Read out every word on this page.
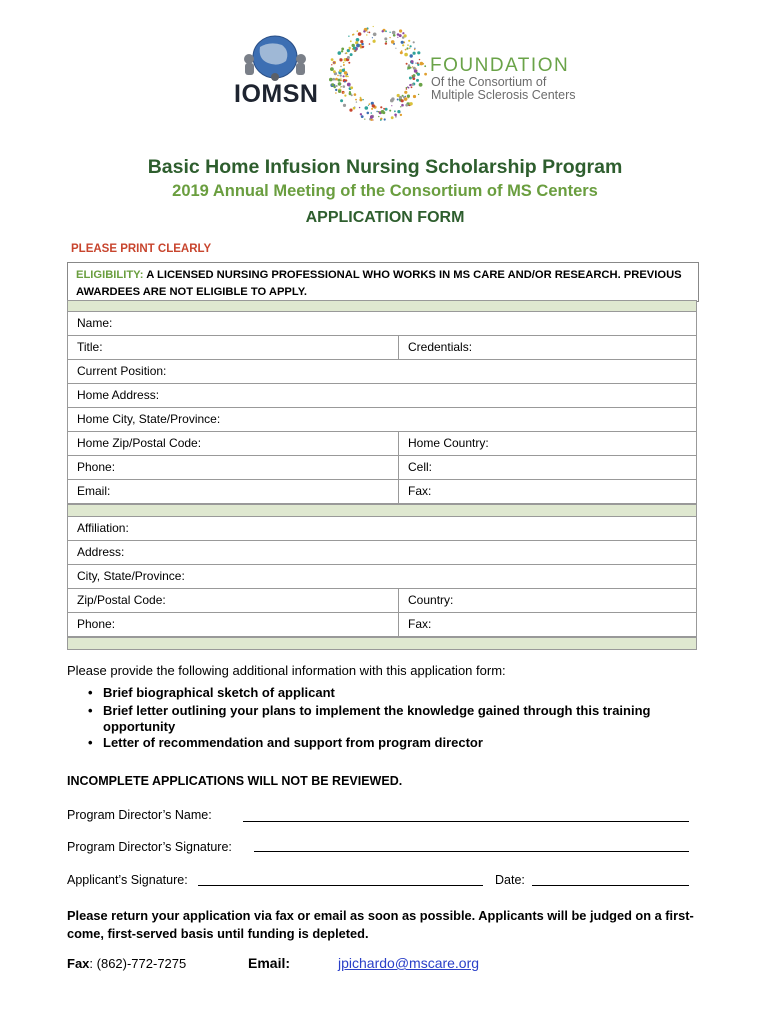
IOMSN
FOUNDATION
Of the Consortium of
Multiple Sclerosis Centers
Basic Home Infusion Nursing Scholarship Program
2019 Annual Meeting of the Consortium of MS Centers
APPLICATION FORM
PLEASE PRINT CLEARLY
ELIGIBILITY: A LICENSED NURSING PROFESSIONAL WHO WORKS IN MS CARE AND/OR RESEARCH. PREVIOUS AWARDEES ARE NOT ELIGIBLE TO APPLY.
Name:
Title:	Credentials:
Current Position:
Home Address:
Home City, State/Province:
Home Zip/Postal Code:	Home Country:
Phone:	Cell:
Email:	Fax:
Affiliation:
Address:
City, State/Province:
Zip/Postal Code:	Country:
Phone:	Fax:
Please provide the following additional information with this application form:
• Brief biographical sketch of applicant
• Brief letter outlining your plans to implement the knowledge gained through this training opportunity
• Letter of recommendation and support from program director
INCOMPLETE APPLICATIONS WILL NOT BE REVIEWED.
Program Director’s Name:
Program Director’s Signature:
Applicant’s Signature:	Date:
Please return your application via fax or email as soon as possible. Applicants will be judged on a first-come, first-served basis until funding is depleted.
Fax: (862)-772-7275	Email:	jpichardo@mscare.org
